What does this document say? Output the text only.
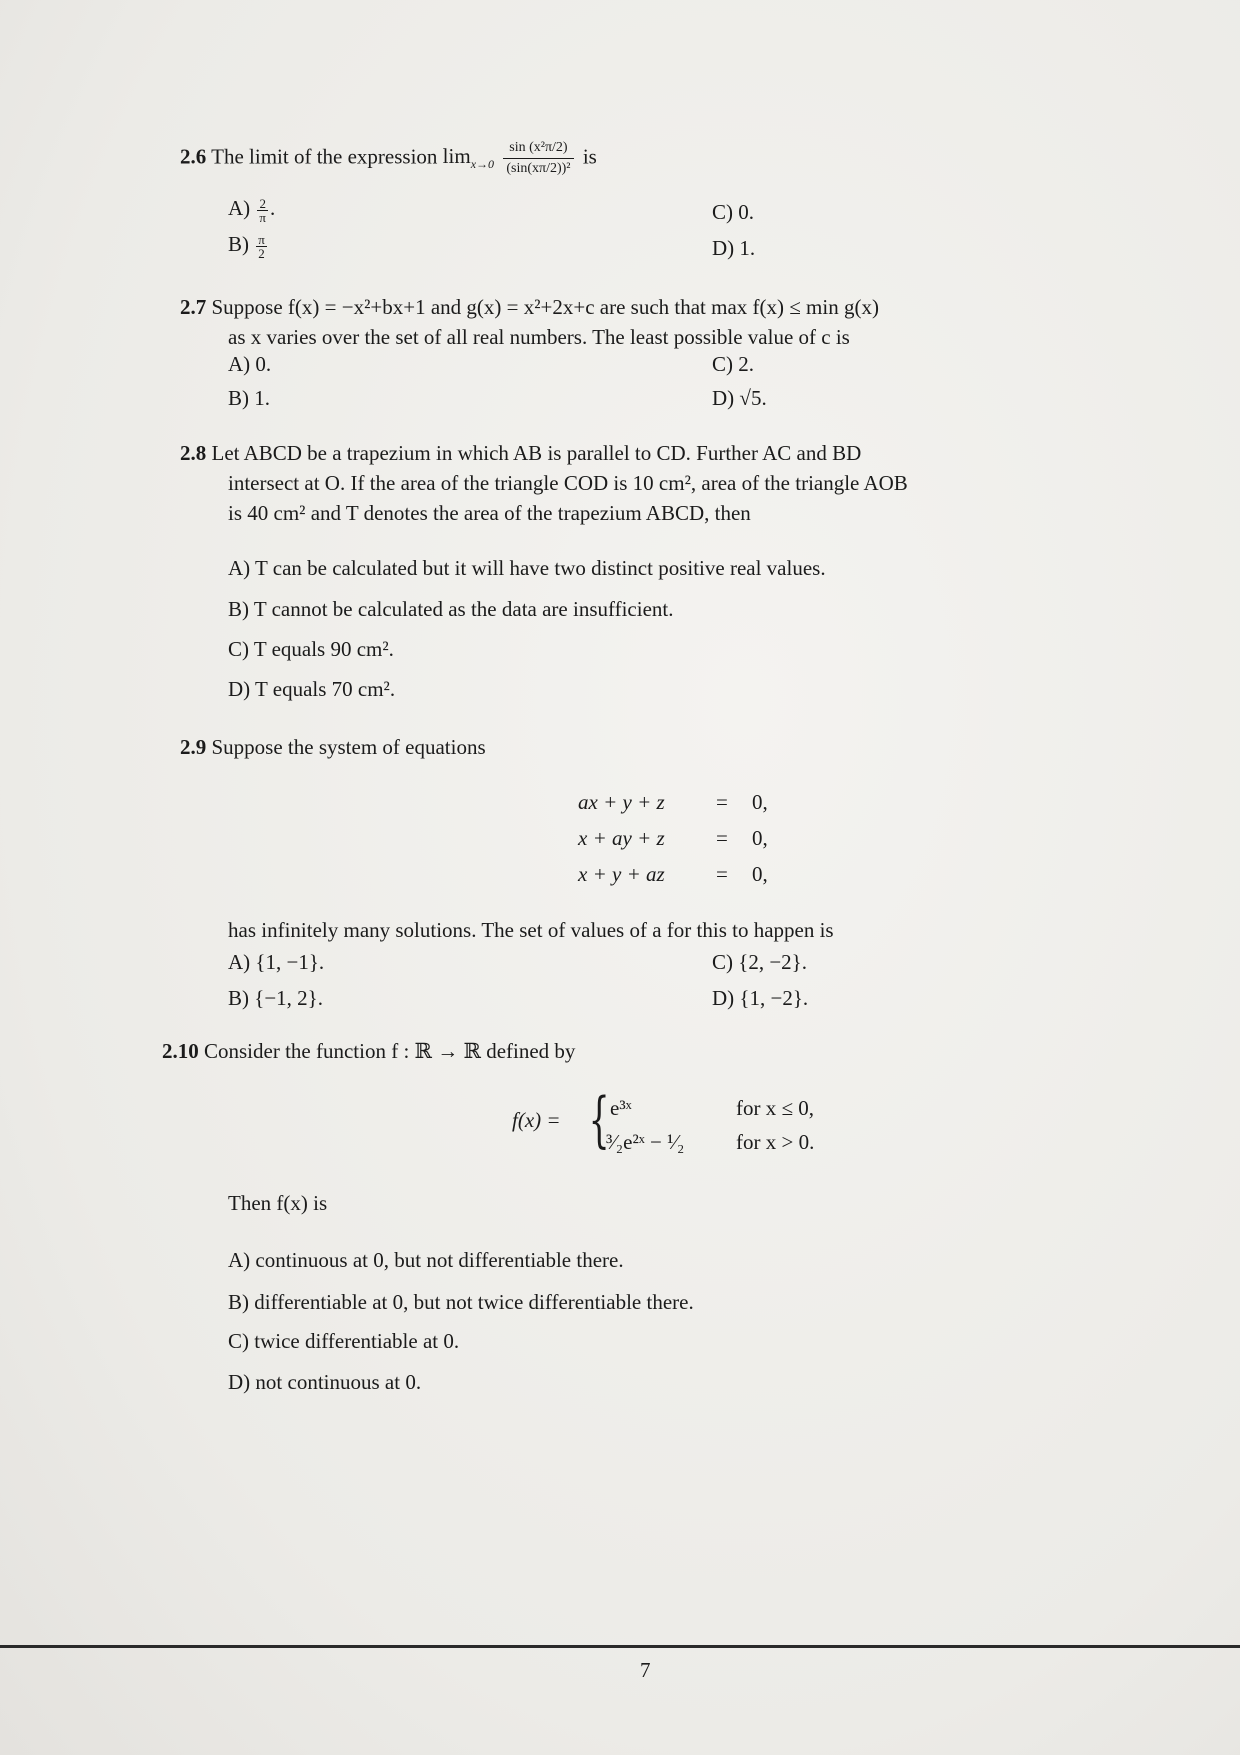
2.6 The limit of the expression $\lim_{x\to 0} \frac{\text{sin (x²π/2)}}{\text{(sin(xπ/2))²}}$ is
$A) \frac{2}{\pi}$ .
$B) \frac{\pi}{2}$
C) 0.
D) 1.
2.7 Suppose f(x) = −x²+bx+1 and g(x) = x²+2x+c are such that max f(x) ≤ min g(x)
as x varies over the set of all real numbers. The least possible value of c is
A) 0.
B) 1.
C) 2.
D) √5.
2.8 Let ABCD be a trapezium in which AB is parallel to CD. Further AC and BD
intersect at O. If the area of the triangle COD is 10 cm², area of the triangle AOB
is 40 cm² and T denotes the area of the trapezium ABCD, then
A) T can be calculated but it will have two distinct positive real values.
B) T cannot be calculated as the data are insufficient.
C) T equals 90 cm².
D) T equals 70 cm².
2.9 Suppose the system of equations
ax + y + z = 0,
x + ay + z = 0,
x + y + az = 0,
has infinitely many solutions. The set of values of a for this to happen is
A) {1, −1}.
B) {−1, 2}.
C) {2, −2}.
D) {1, −2}.
2.10 Consider the function f : ℝ → ℝ defined by
f(x) = { e³ˣ	for x ≤ 0,
³⁄₂e²ˣ − ¹⁄₂ for x > 0.
Then f(x) is
A) continuous at 0, but not differentiable there.
B) differentiable at 0, but not twice differentiable there.
C) twice differentiable at 0.
D) not continuous at 0.
7
